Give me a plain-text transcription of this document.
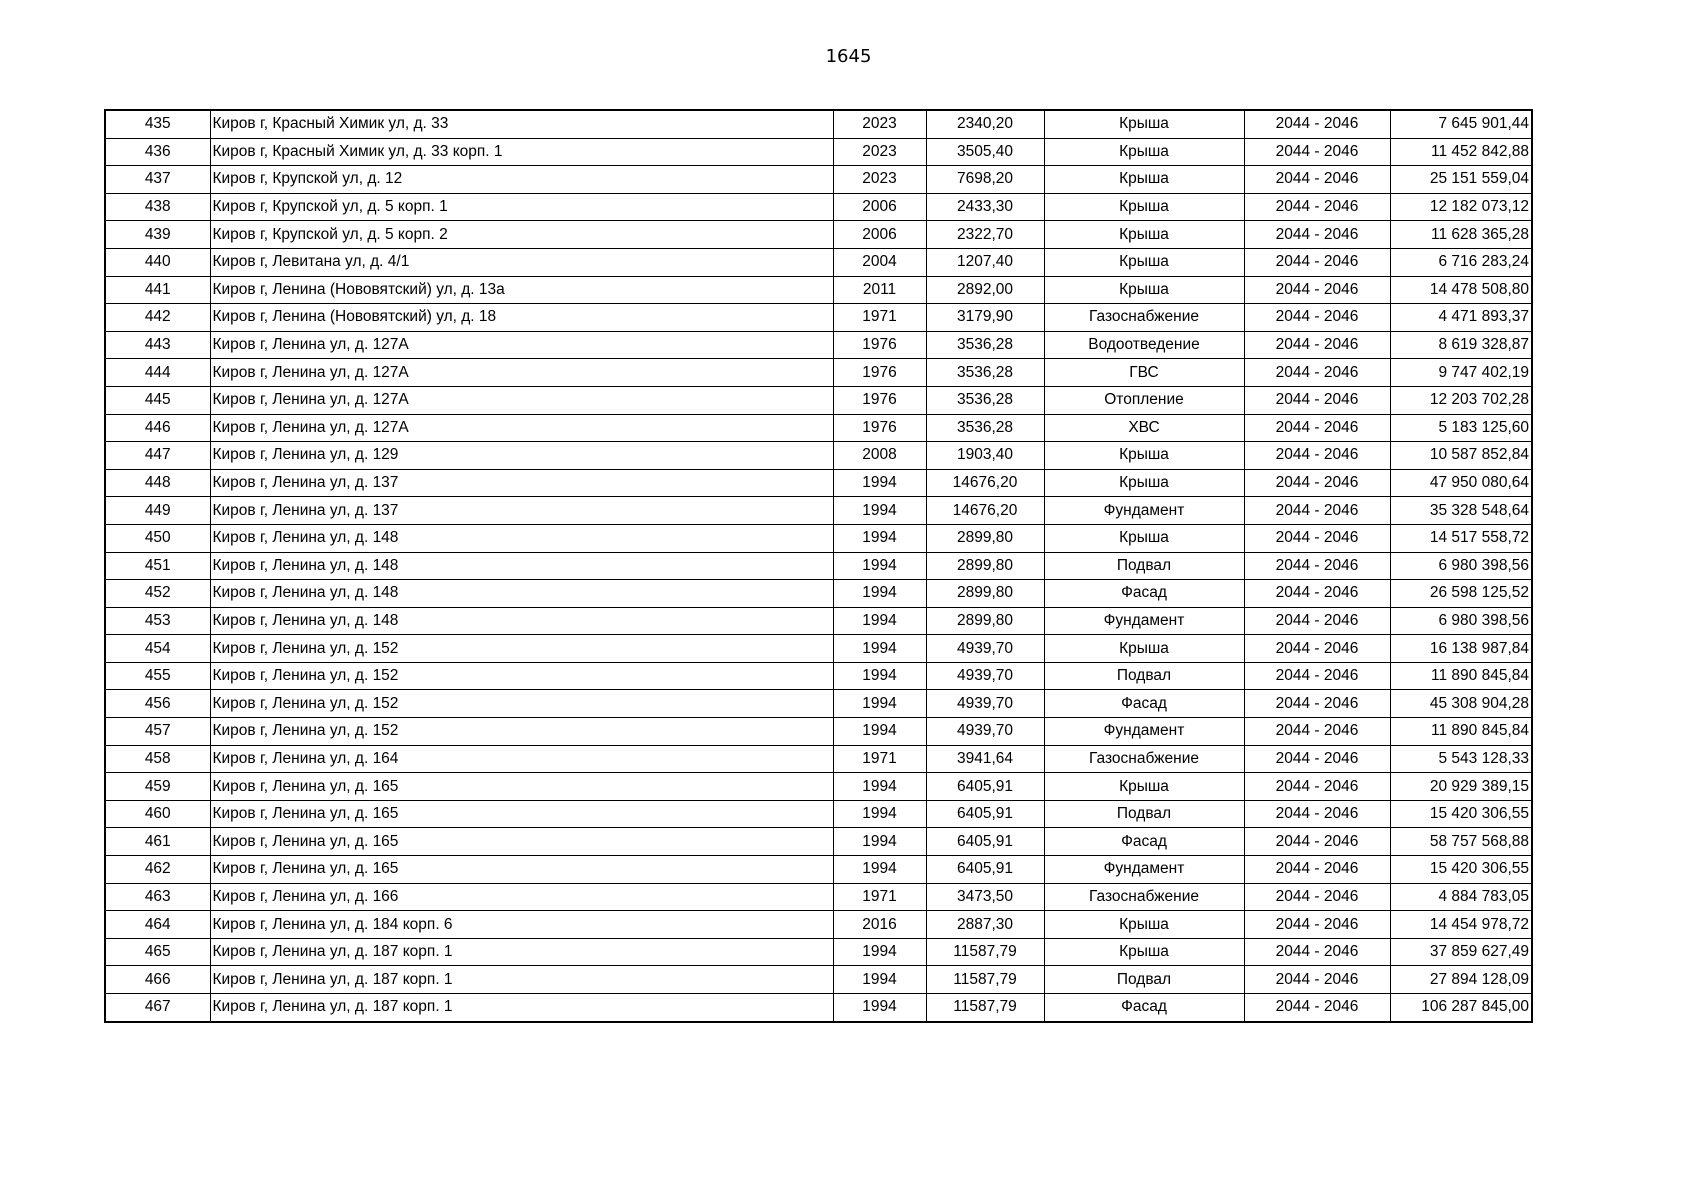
1645
435	Киров г, Красный Химик ул, д. 33	2023	2340,20	Крыша	2044 - 2046	7 645 901,44
436	Киров г, Красный Химик ул, д. 33 корп. 1	2023	3505,40	Крыша	2044 - 2046	11 452 842,88
437	Киров г, Крупской ул, д. 12	2023	7698,20	Крыша	2044 - 2046	25 151 559,04
438	Киров г, Крупской ул, д. 5 корп. 1	2006	2433,30	Крыша	2044 - 2046	12 182 073,12
439	Киров г, Крупской ул, д. 5 корп. 2	2006	2322,70	Крыша	2044 - 2046	11 628 365,28
440	Киров г, Левитана ул, д. 4/1	2004	1207,40	Крыша	2044 - 2046	6 716 283,24
441	Киров г, Ленина (Нововятский) ул, д. 13а	2011	2892,00	Крыша	2044 - 2046	14 478 508,80
442	Киров г, Ленина (Нововятский) ул, д. 18	1971	3179,90	Газоснабжение	2044 - 2046	4 471 893,37
443	Киров г, Ленина ул, д. 127А	1976	3536,28	Водоотведение	2044 - 2046	8 619 328,87
444	Киров г, Ленина ул, д. 127А	1976	3536,28	ГВС	2044 - 2046	9 747 402,19
445	Киров г, Ленина ул, д. 127А	1976	3536,28	Отопление	2044 - 2046	12 203 702,28
446	Киров г, Ленина ул, д. 127А	1976	3536,28	ХВС	2044 - 2046	5 183 125,60
447	Киров г, Ленина ул, д. 129	2008	1903,40	Крыша	2044 - 2046	10 587 852,84
448	Киров г, Ленина ул, д. 137	1994	14676,20	Крыша	2044 - 2046	47 950 080,64
449	Киров г, Ленина ул, д. 137	1994	14676,20	Фундамент	2044 - 2046	35 328 548,64
450	Киров г, Ленина ул, д. 148	1994	2899,80	Крыша	2044 - 2046	14 517 558,72
451	Киров г, Ленина ул, д. 148	1994	2899,80	Подвал	2044 - 2046	6 980 398,56
452	Киров г, Ленина ул, д. 148	1994	2899,80	Фасад	2044 - 2046	26 598 125,52
453	Киров г, Ленина ул, д. 148	1994	2899,80	Фундамент	2044 - 2046	6 980 398,56
454	Киров г, Ленина ул, д. 152	1994	4939,70	Крыша	2044 - 2046	16 138 987,84
455	Киров г, Ленина ул, д. 152	1994	4939,70	Подвал	2044 - 2046	11 890 845,84
456	Киров г, Ленина ул, д. 152	1994	4939,70	Фасад	2044 - 2046	45 308 904,28
457	Киров г, Ленина ул, д. 152	1994	4939,70	Фундамент	2044 - 2046	11 890 845,84
458	Киров г, Ленина ул, д. 164	1971	3941,64	Газоснабжение	2044 - 2046	5 543 128,33
459	Киров г, Ленина ул, д. 165	1994	6405,91	Крыша	2044 - 2046	20 929 389,15
460	Киров г, Ленина ул, д. 165	1994	6405,91	Подвал	2044 - 2046	15 420 306,55
461	Киров г, Ленина ул, д. 165	1994	6405,91	Фасад	2044 - 2046	58 757 568,88
462	Киров г, Ленина ул, д. 165	1994	6405,91	Фундамент	2044 - 2046	15 420 306,55
463	Киров г, Ленина ул, д. 166	1971	3473,50	Газоснабжение	2044 - 2046	4 884 783,05
464	Киров г, Ленина ул, д. 184 корп. 6	2016	2887,30	Крыша	2044 - 2046	14 454 978,72
465	Киров г, Ленина ул, д. 187 корп. 1	1994	11587,79	Крыша	2044 - 2046	37 859 627,49
466	Киров г, Ленина ул, д. 187 корп. 1	1994	11587,79	Подвал	2044 - 2046	27 894 128,09
467	Киров г, Ленина ул, д. 187 корп. 1	1994	11587,79	Фасад	2044 - 2046	106 287 845,00
